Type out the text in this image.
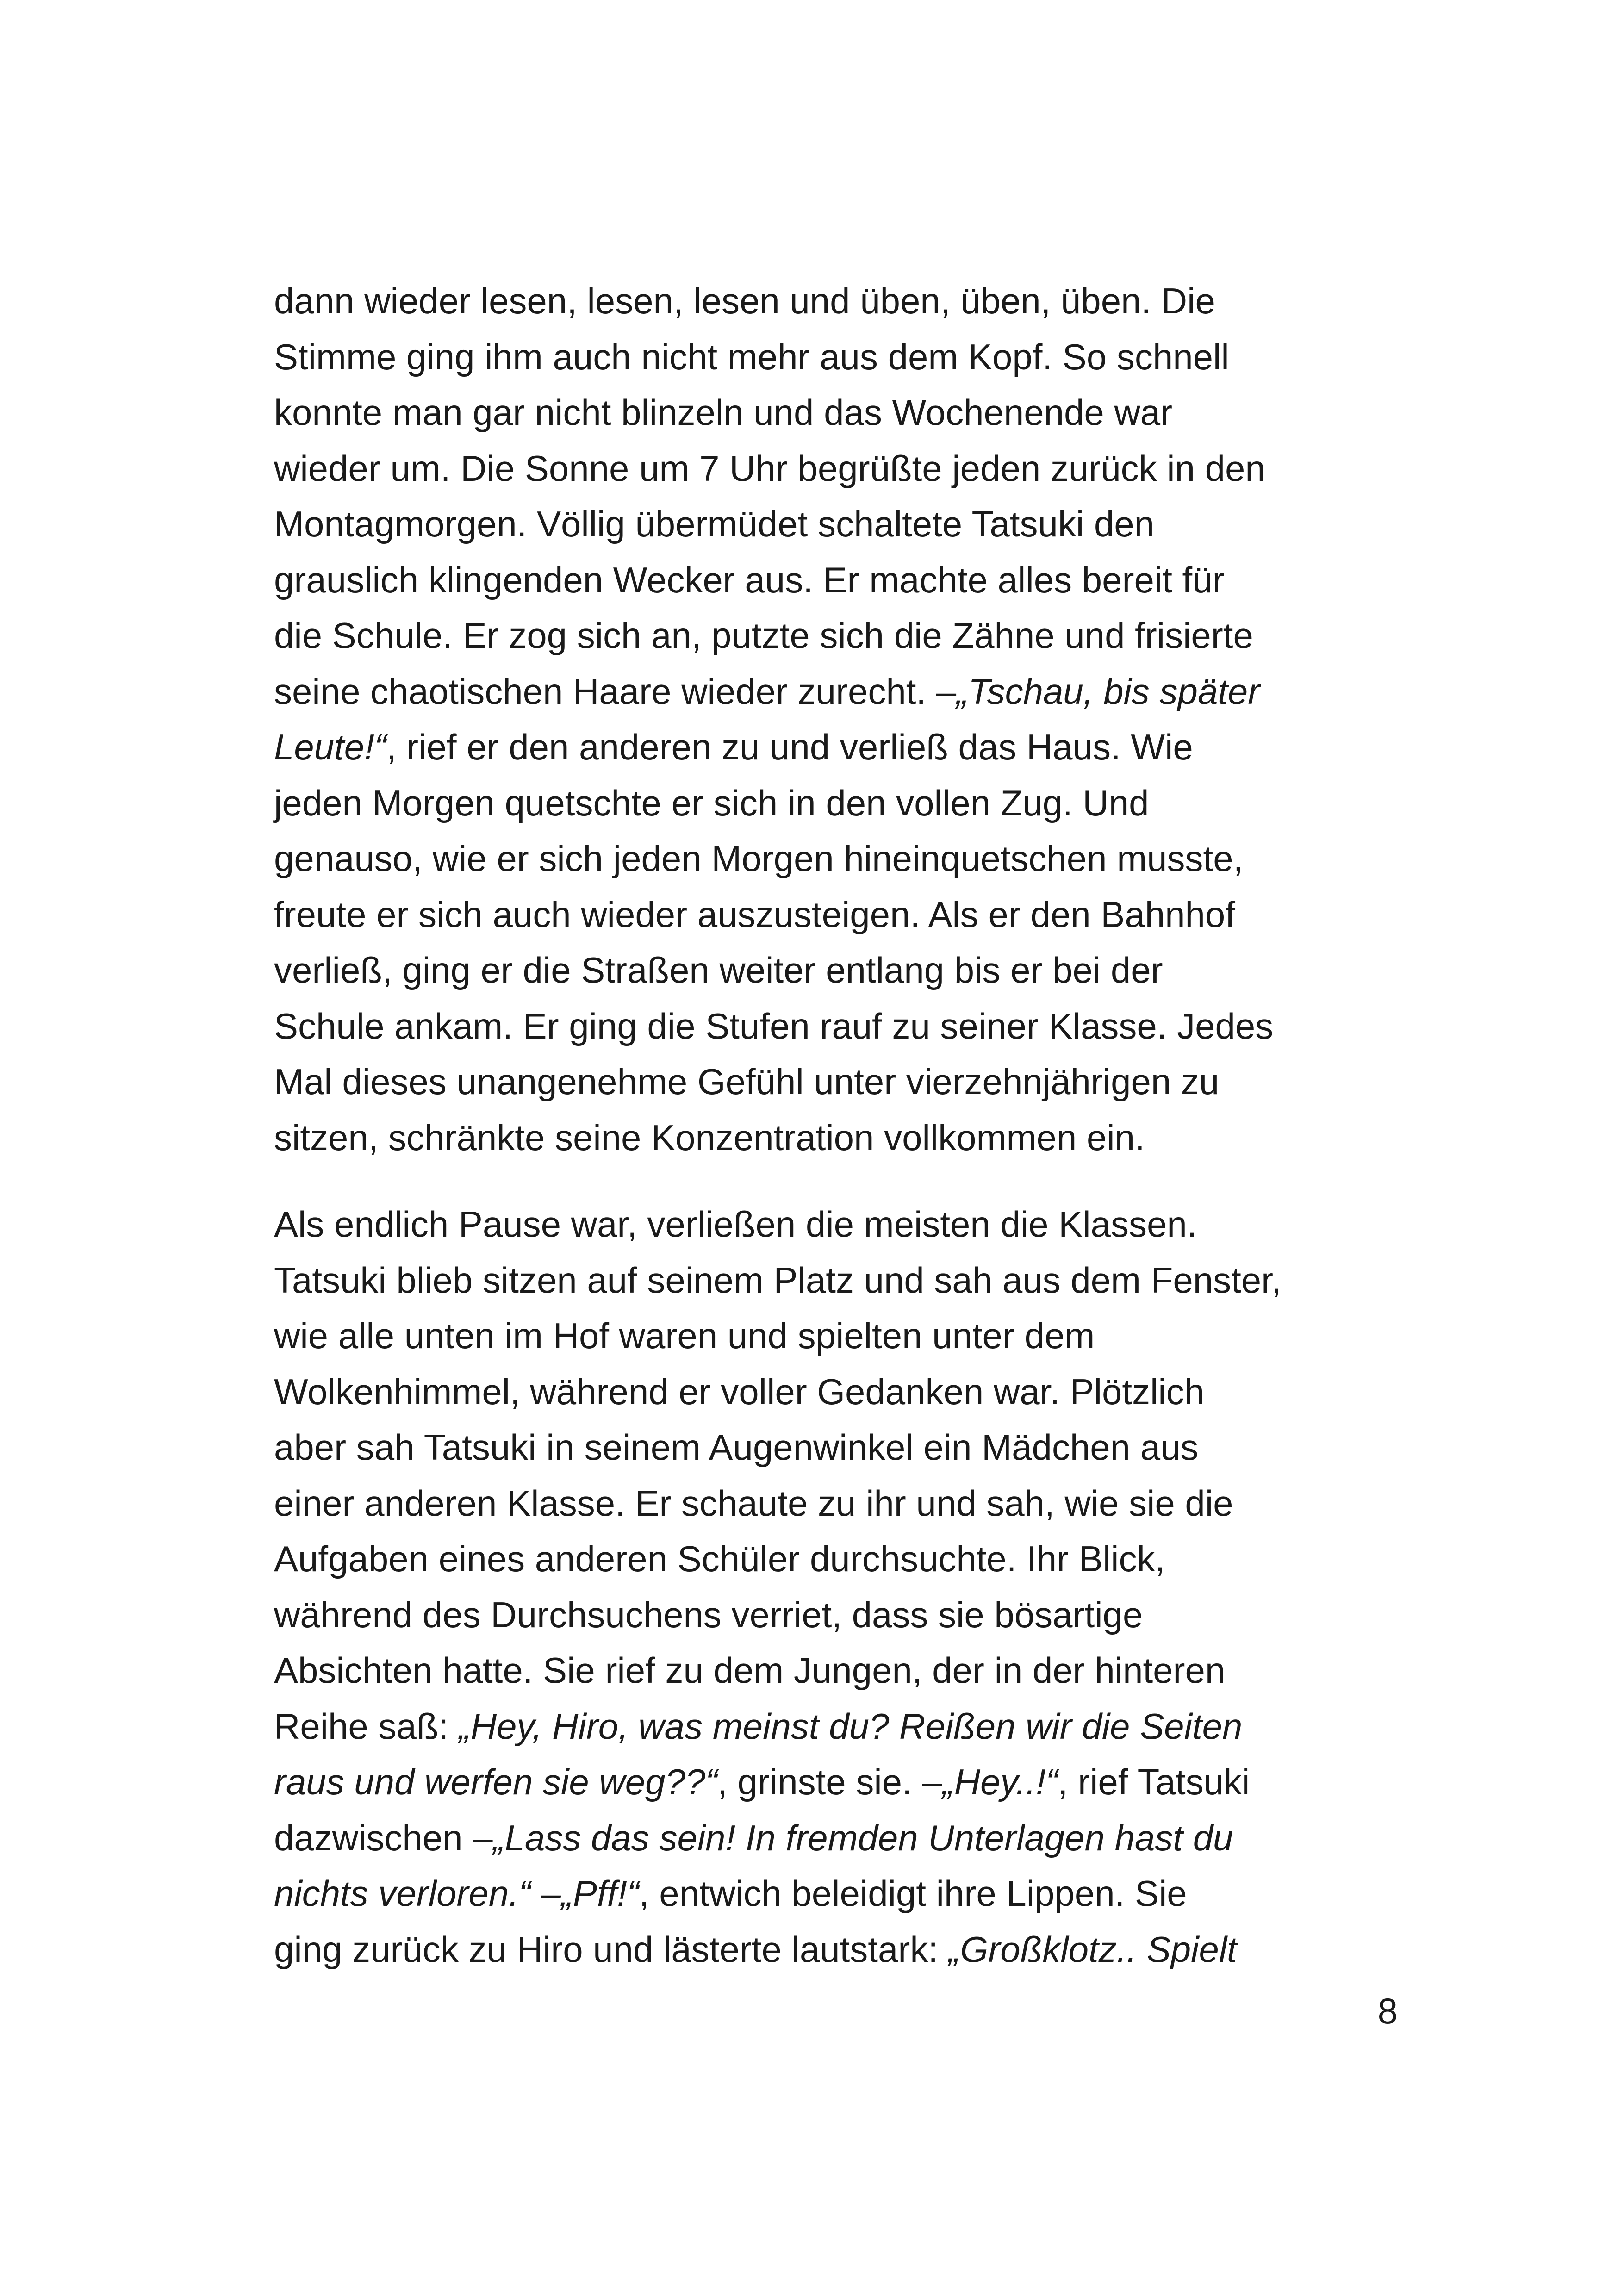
dann wieder lesen, lesen, lesen und üben, üben, üben. Die
Stimme ging ihm auch nicht mehr aus dem Kopf. So schnell
konnte man gar nicht blinzeln und das Wochenende war
wieder um. Die Sonne um 7 Uhr begrüßte jeden zurück in den
Montagmorgen. Völlig übermüdet schaltete Tatsuki den
grauslich klingenden Wecker aus. Er machte alles bereit für
die Schule. Er zog sich an, putzte sich die Zähne und frisierte
seine chaotischen Haare wieder zurecht. –„Tschau, bis später
Leute!“, rief er den anderen zu und verließ das Haus. Wie
jeden Morgen quetschte er sich in den vollen Zug. Und
genauso, wie er sich jeden Morgen hineinquetschen musste,
freute er sich auch wieder auszusteigen. Als er den Bahnhof
verließ, ging er die Straßen weiter entlang bis er bei der
Schule ankam. Er ging die Stufen rauf zu seiner Klasse. Jedes
Mal dieses unangenehme Gefühl unter vierzehnjährigen zu
sitzen, schränkte seine Konzentration vollkommen ein.
Als endlich Pause war, verließen die meisten die Klassen.
Tatsuki blieb sitzen auf seinem Platz und sah aus dem Fenster,
wie alle unten im Hof waren und spielten unter dem
Wolkenhimmel, während er voller Gedanken war. Plötzlich
aber sah Tatsuki in seinem Augenwinkel ein Mädchen aus
einer anderen Klasse. Er schaute zu ihr und sah, wie sie die
Aufgaben eines anderen Schüler durchsuchte. Ihr Blick,
während des Durchsuchens verriet, dass sie bösartige
Absichten hatte. Sie rief zu dem Jungen, der in der hinteren
Reihe saß: „Hey, Hiro, was meinst du? Reißen wir die Seiten
raus und werfen sie weg??“, grinste sie. –„Hey..!“, rief Tatsuki
dazwischen –„Lass das sein! In fremden Unterlagen hast du
nichts verloren.“ –„Pff!“, entwich beleidigt ihre Lippen. Sie
ging zurück zu Hiro und lästerte lautstark: „Großklotz.. Spielt
8
